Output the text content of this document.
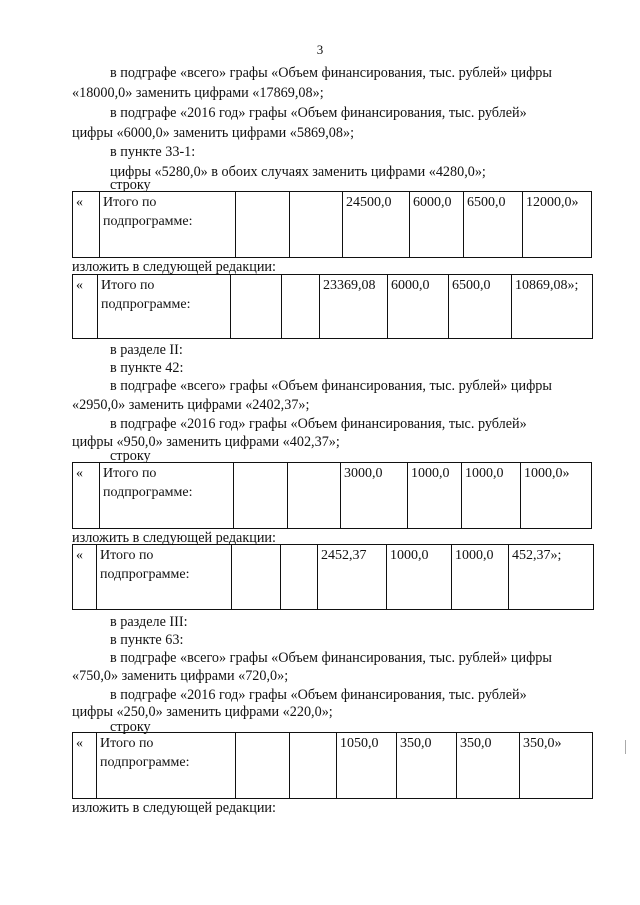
3
в подграфе «всего» графы «Объем финансирования, тыс. рублей» цифры
«18000,0» заменить цифрами «17869,08»;
в подграфе «2016 год» графы «Объем финансирования, тыс. рублей»
цифры «6000,0» заменить цифрами «5869,08»;
в пункте 33-1:
цифры «5280,0» в обоих случаях заменить цифрами «4280,0»;
строку
«	Итого по подпрограмме:			24500,0	6000,0	6500,0	12000,0»
изложить в следующей редакции:
«	Итого по подпрограмме:			23369,08	6000,0	6500,0	10869,08»;
в разделе II:
в пункте 42:
в подграфе «всего» графы «Объем финансирования, тыс. рублей» цифры
«2950,0» заменить цифрами «2402,37»;
в подграфе «2016 год» графы «Объем финансирования, тыс. рублей»
цифры «950,0» заменить цифрами «402,37»;
строку
«	Итого по подпрограмме:			3000,0	1000,0	1000,0	1000,0»
изложить в следующей редакции:
«	Итого по подпрограмме:			2452,37	1000,0	1000,0	452,37»;
в разделе III:
в пункте 63:
в подграфе «всего» графы «Объем финансирования, тыс. рублей» цифры
«750,0» заменить цифрами «720,0»;
в подграфе «2016 год» графы «Объем финансирования, тыс. рублей»
цифры «250,0» заменить цифрами «220,0»;
строку
«	Итого по подпрограмме:			1050,0	350,0	350,0	350,0»
изложить в следующей редакции:
